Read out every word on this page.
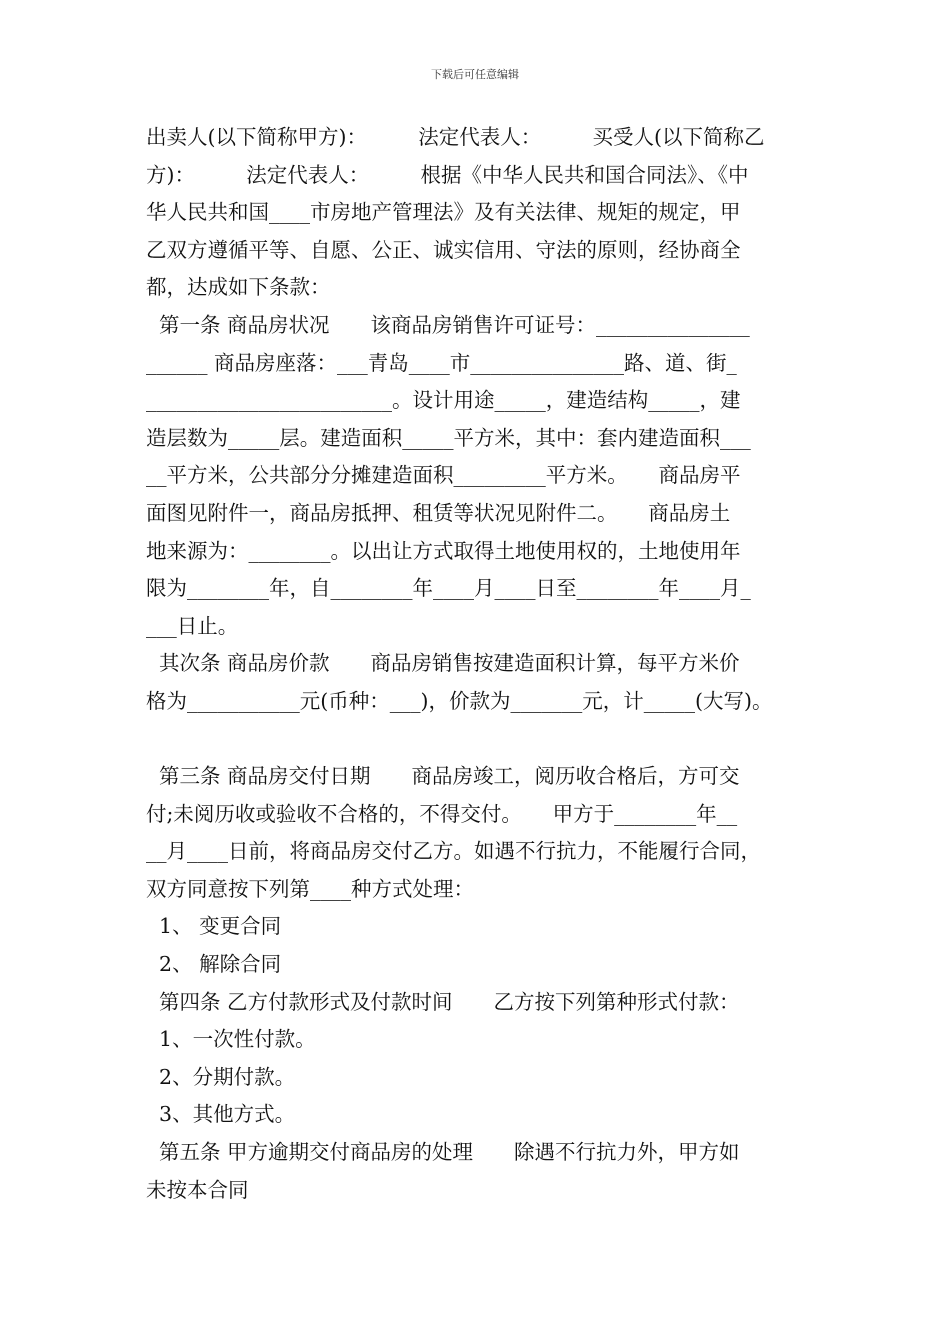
下载后可任意编辑
出卖人(以下简称甲方)：　　　法定代表人：　　　买受人(以下简称乙
方)：　　　法定代表人：　　　根据《中华人民共和国合同法》、《中
华人民共和国____市房地产管理法》及有关法律、规矩的规定，甲
乙双方遵循平等、自愿、公正、诚实信用、守法的原则，经协商全
都，达成如下条款：
第一条 商品房状况　　该商品房销售许可证号：_______________
______ 商品房座落：___青岛____市_______________路、道、街_
________________________。设计用途_____，建造结构_____，建
造层数为_____层。建造面积_____平方米，其中：套内建造面积___
__平方米，公共部分分摊建造面积_________平方米。　　商品房平
面图见附件一，商品房抵押、租赁等状况见附件二。　　商品房土
地来源为：________。以出让方式取得土地使用权的，土地使用年
限为________年，自________年____月____日至________年____月_
___日止。
其次条 商品房价款　　商品房销售按建造面积计算，每平方米价
格为___________元(币种：___)，价款为_______元，计_____(大写)。
第三条 商品房交付日期　　商品房竣工，阅历收合格后，方可交
付;未阅历收或验收不合格的，不得交付。　　甲方于________年__
__月____日前，将商品房交付乙方。如遇不行抗力，不能履行合同，
双方同意按下列第____种方式处理：
1、 变更合同
2、 解除合同
第四条 乙方付款形式及付款时间　　乙方按下列第种形式付款：
1、一次性付款。
2、分期付款。
3、其他方式。
第五条 甲方逾期交付商品房的处理　　除遇不行抗力外，甲方如
未按本合同
